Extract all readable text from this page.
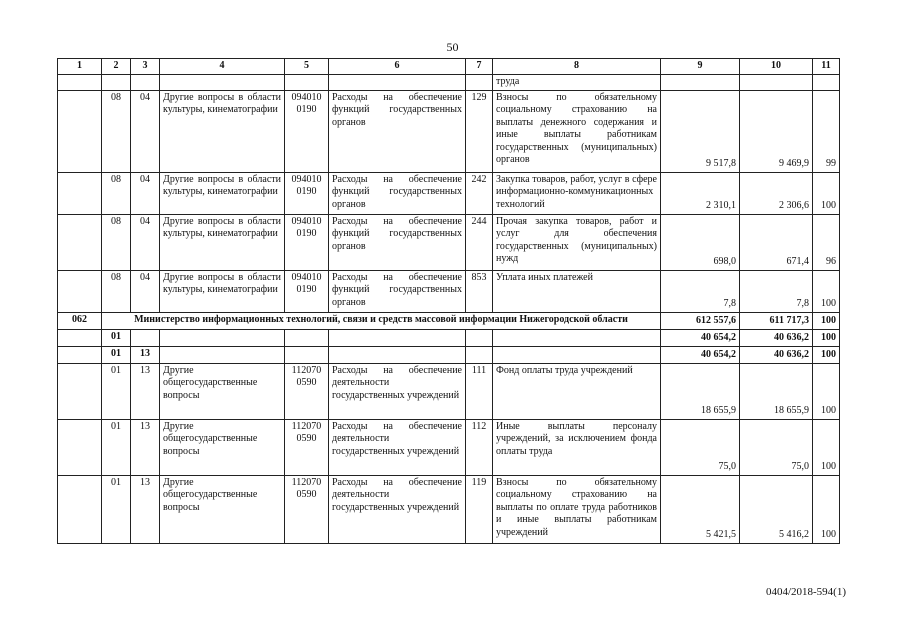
50
1	2	3	4	5	6	7	8	9	10	11
							труда			
	08	04	Другие вопросы в области культуры, кинематографии	094010 0190	Расходы на обеспечение функций государственных органов	129	Взносы по обязательному социальному страхованию на выплаты денежного содержания и иные выплаты работникам государственных (муниципальных) органов	9 517,8	9 469,9	99
	08	04	Другие вопросы в области культуры, кинематографии	094010 0190	Расходы на обеспечение функций государственных органов	242	Закупка товаров, работ, услуг в сфере информационно-коммуникационных технологий	2 310,1	2 306,6	100
	08	04	Другие вопросы в области культуры, кинематографии	094010 0190	Расходы на обеспечение функций государственных органов	244	Прочая закупка товаров, работ и услуг для обеспечения государственных (муниципальных) нужд	698,0	671,4	96
	08	04	Другие вопросы в области культуры, кинематографии	094010 0190	Расходы на обеспечение функций государственных органов	853	Уплата иных платежей	7,8	7,8	100
062	Министерство информационных технологий, связи и средств массовой информации Нижегородской области							612 557,6	611 717,3	100
	01							40 654,2	40 636,2	100
	01	13						40 654,2	40 636,2	100
	01	13	Другие общегосударственные вопросы	112070 0590	Расходы на обеспечение деятельности государственных учреждений	111	Фонд оплаты труда учреждений	18 655,9	18 655,9	100
	01	13	Другие общегосударственные вопросы	112070 0590	Расходы на обеспечение деятельности государственных учреждений	112	Иные выплаты персоналу учреждений, за исключением фонда оплаты труда	75,0	75,0	100
	01	13	Другие общегосударственные вопросы	112070 0590	Расходы на обеспечение деятельности государственных учреждений	119	Взносы по обязательному социальному страхованию на выплаты по оплате труда работников и иные выплаты работникам учреждений	5 421,5	5 416,2	100
0404/2018-594(1)
